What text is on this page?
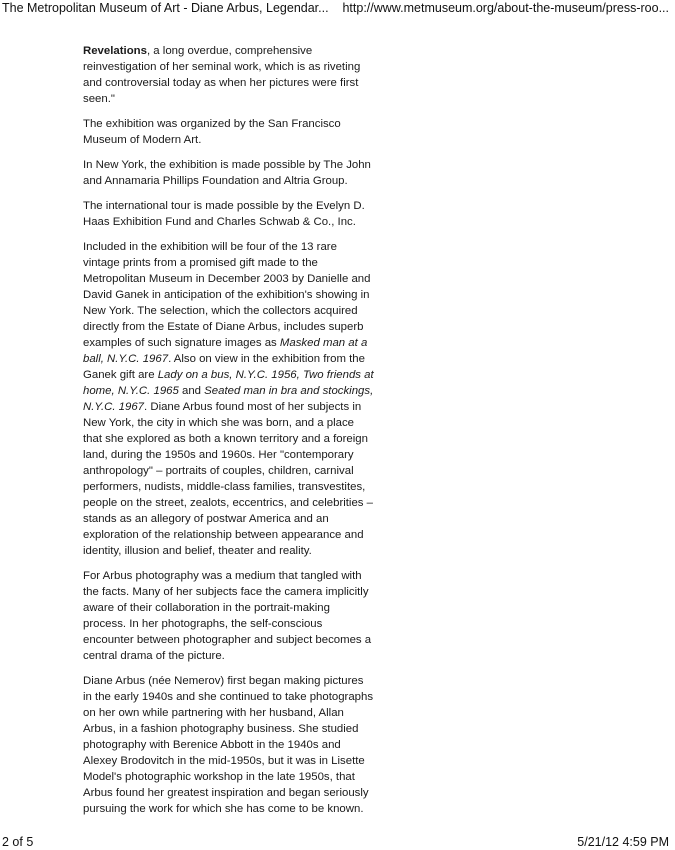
The Metropolitan Museum of Art - Diane Arbus, Legendar... http://www.metmuseum.org/about-the-museum/press-roo...

Revelations, a long overdue, comprehensive reinvestigation of her seminal work, which is as riveting and controversial today as when her pictures were first seen."

The exhibition was organized by the San Francisco Museum of Modern Art.

In New York, the exhibition is made possible by The John and Annamaria Phillips Foundation and Altria Group.

The international tour is made possible by the Evelyn D. Haas Exhibition Fund and Charles Schwab & Co., Inc.

Included in the exhibition will be four of the 13 rare vintage prints from a promised gift made to the Metropolitan Museum in December 2003 by Danielle and David Ganek in anticipation of the exhibition's showing in New York. The selection, which the collectors acquired directly from the Estate of Diane Arbus, includes superb examples of such signature images as Masked man at a ball, N.Y.C. 1967. Also on view in the exhibition from the Ganek gift are Lady on a bus, N.Y.C. 1956, Two friends at home, N.Y.C. 1965 and Seated man in bra and stockings, N.Y.C. 1967. Diane Arbus found most of her subjects in New York, the city in which she was born, and a place that she explored as both a known territory and a foreign land, during the 1950s and 1960s. Her "contemporary anthropology" – portraits of couples, children, carnival performers, nudists, middle-class families, transvestites, people on the street, zealots, eccentrics, and celebrities – stands as an allegory of postwar America and an exploration of the relationship between appearance and identity, illusion and belief, theater and reality.

For Arbus photography was a medium that tangled with the facts. Many of her subjects face the camera implicitly aware of their collaboration in the portrait-making process. In her photographs, the self-conscious encounter between photographer and subject becomes a central drama of the picture.

Diane Arbus (née Nemerov) first began making pictures in the early 1940s and she continued to take photographs on her own while partnering with her husband, Allan Arbus, in a fashion photography business. She studied photography with Berenice Abbott in the 1940s and Alexey Brodovitch in the mid-1950s, but it was in Lisette Model's photographic workshop in the late 1950s, that Arbus found her greatest inspiration and began seriously pursuing the work for which she has come to be known.

2 of 5	5/21/12 4:59 PM
